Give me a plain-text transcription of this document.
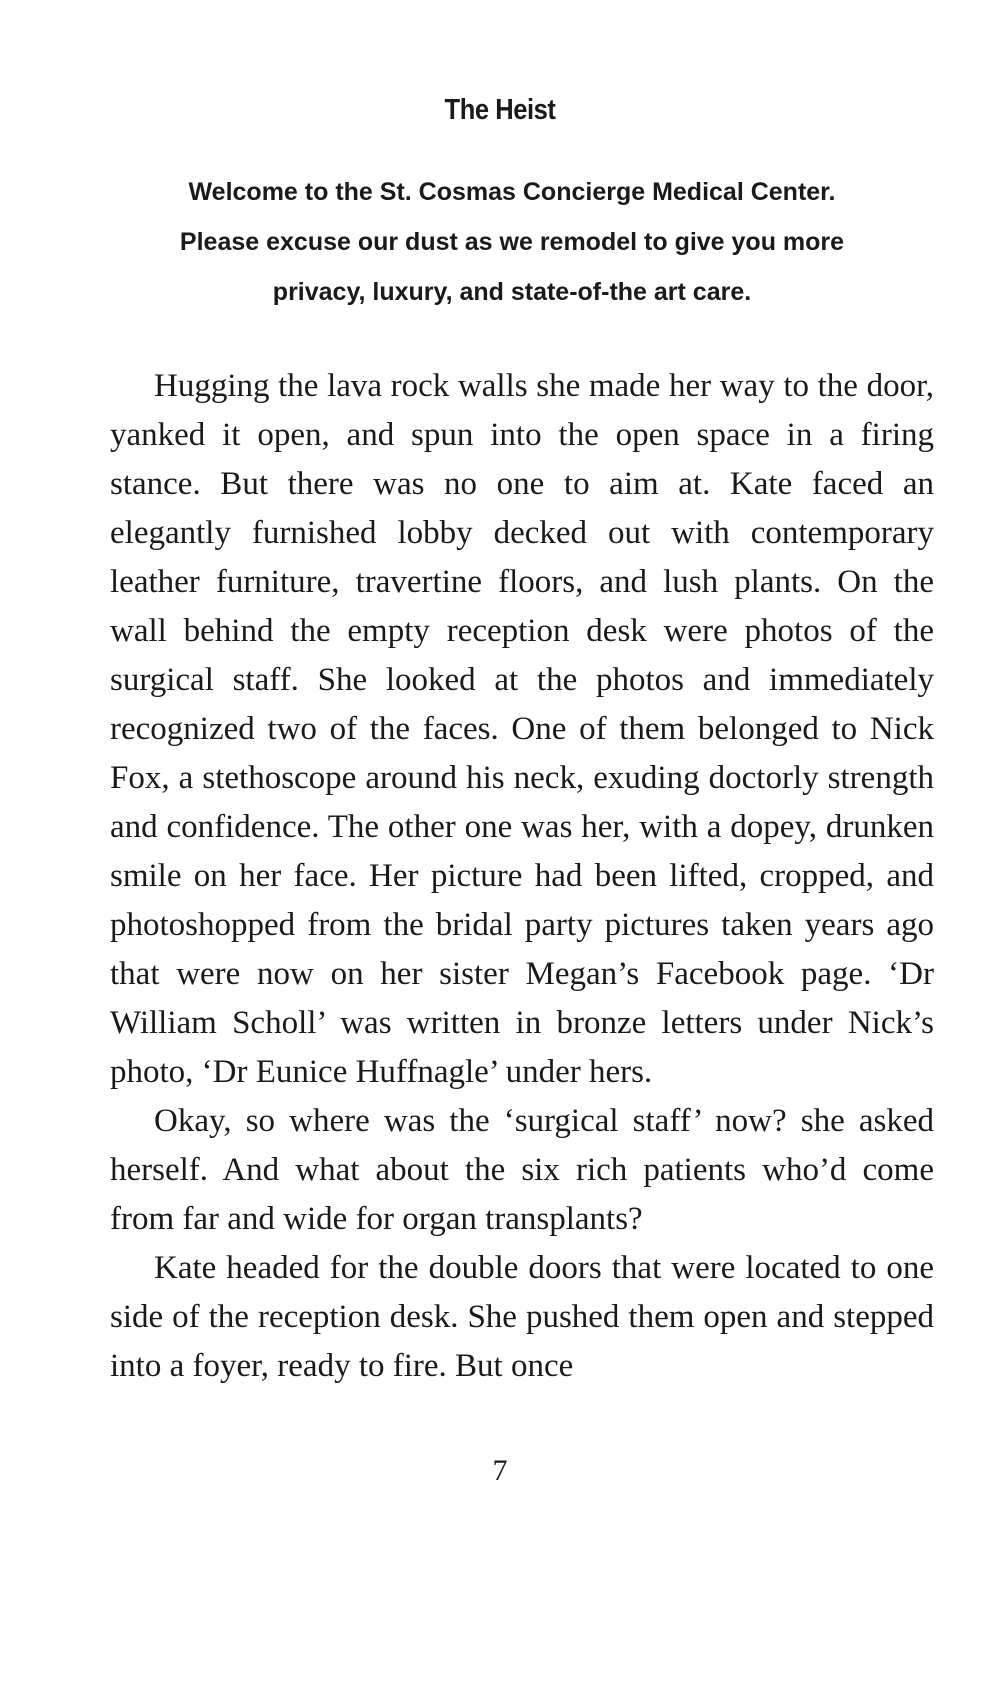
The Heist
Welcome to the St. Cosmas Concierge Medical Center.
Please excuse our dust as we remodel to give you more
privacy, luxury, and state-of-the art care.

Hugging the lava rock walls she made her way to the door, yanked it open, and spun into the open space in a firing stance. But there was no one to aim at. Kate faced an elegantly furnished lobby decked out with contemporary leather furniture, travertine floors, and lush plants. On the wall behind the empty reception desk were photos of the surgical staff. She looked at the photos and immediately recognized two of the faces. One of them belonged to Nick Fox, a stethoscope around his neck, exuding doctorly strength and confidence. The other one was her, with a dopey, drunken smile on her face. Her picture had been lifted, cropped, and photoshopped from the bridal party pictures taken years ago that were now on her sister Megan’s Facebook page. ‘Dr William Scholl’ was written in bronze letters under Nick’s photo, ‘Dr Eunice Huffnagle’ under hers.

Okay, so where was the ‘surgical staff’ now? she asked herself. And what about the six rich patients who’d come from far and wide for organ transplants?

Kate headed for the double doors that were located to one side of the reception desk. She pushed them open and stepped into a foyer, ready to fire. But once

7
